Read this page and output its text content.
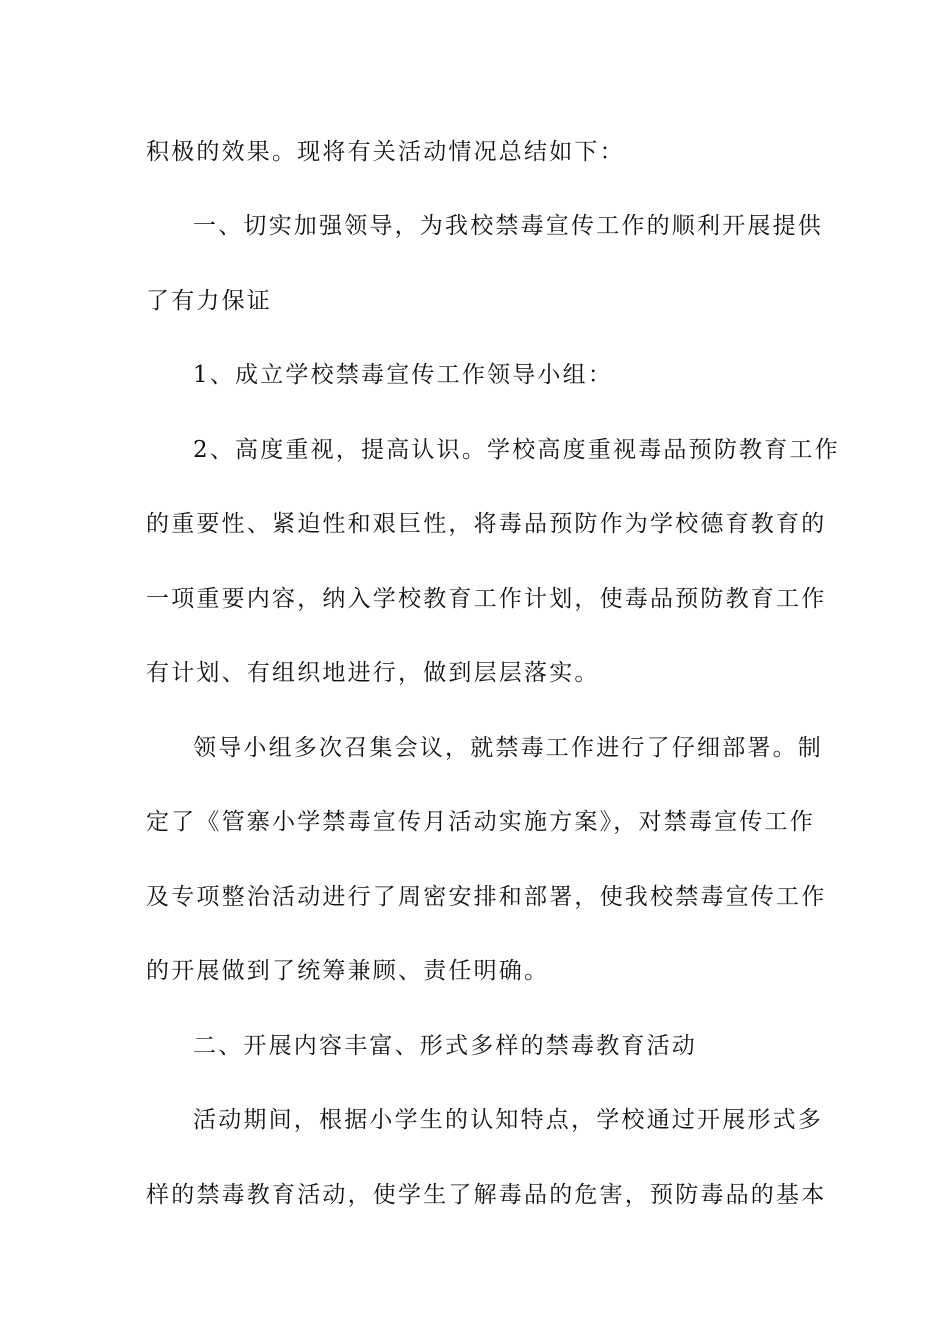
积极的效果。现将有关活动情况总结如下：
一、切实加强领导，为我校禁毒宣传工作的顺利开展提供
了有力保证
1、成立学校禁毒宣传工作领导小组：
2、高度重视，提高认识。学校高度重视毒品预防教育工作
的重要性、紧迫性和艰巨性，将毒品预防作为学校德育教育的
一项重要内容，纳入学校教育工作计划，使毒品预防教育工作
有计划、有组织地进行，做到层层落实。
领导小组多次召集会议，就禁毒工作进行了仔细部署。制
定了《管寨小学禁毒宣传月活动实施方案》，对禁毒宣传工作
及专项整治活动进行了周密安排和部署，使我校禁毒宣传工作
的开展做到了统筹兼顾、责任明确。
二、开展内容丰富、形式多样的禁毒教育活动
活动期间，根据小学生的认知特点，学校通过开展形式多
样的禁毒教育活动，使学生了解毒品的危害，预防毒品的基本
